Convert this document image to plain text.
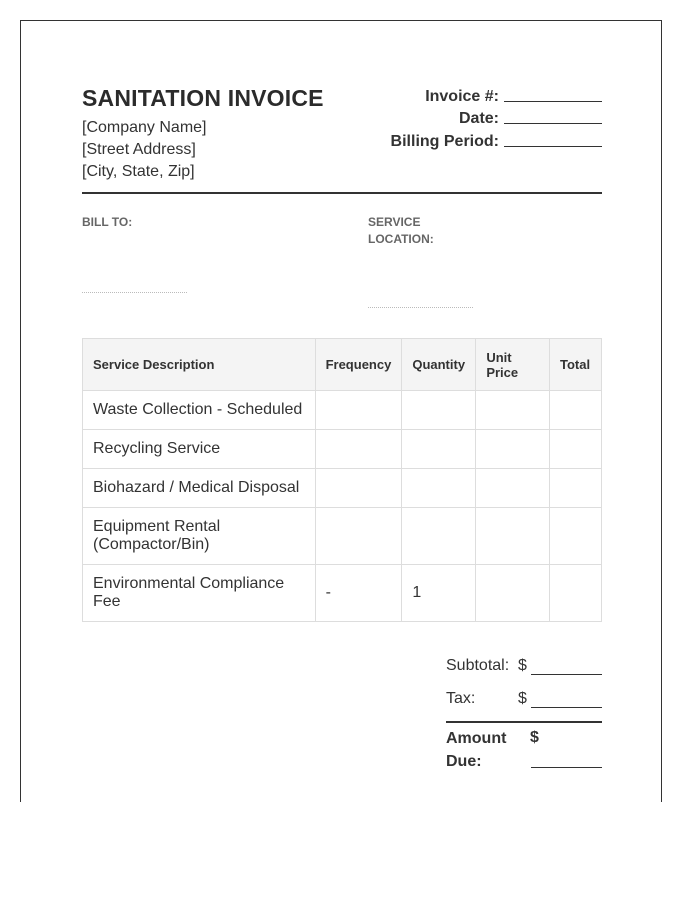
SANITATION INVOICE
[Company Name]
[Street Address]
[City, State, Zip]
Invoice #:
Date:
Billing Period:
BILL TO:	SERVICE LOCATION:
Service Description	Frequency	Quantity	Unit Price	Total
Waste Collection - Scheduled				
Recycling Service				
Biohazard / Medical Disposal				
Equipment Rental (Compactor/Bin)				
Environmental Compliance Fee	-	1		
Subtotal: $
Tax:	$
Amount Due:
$
